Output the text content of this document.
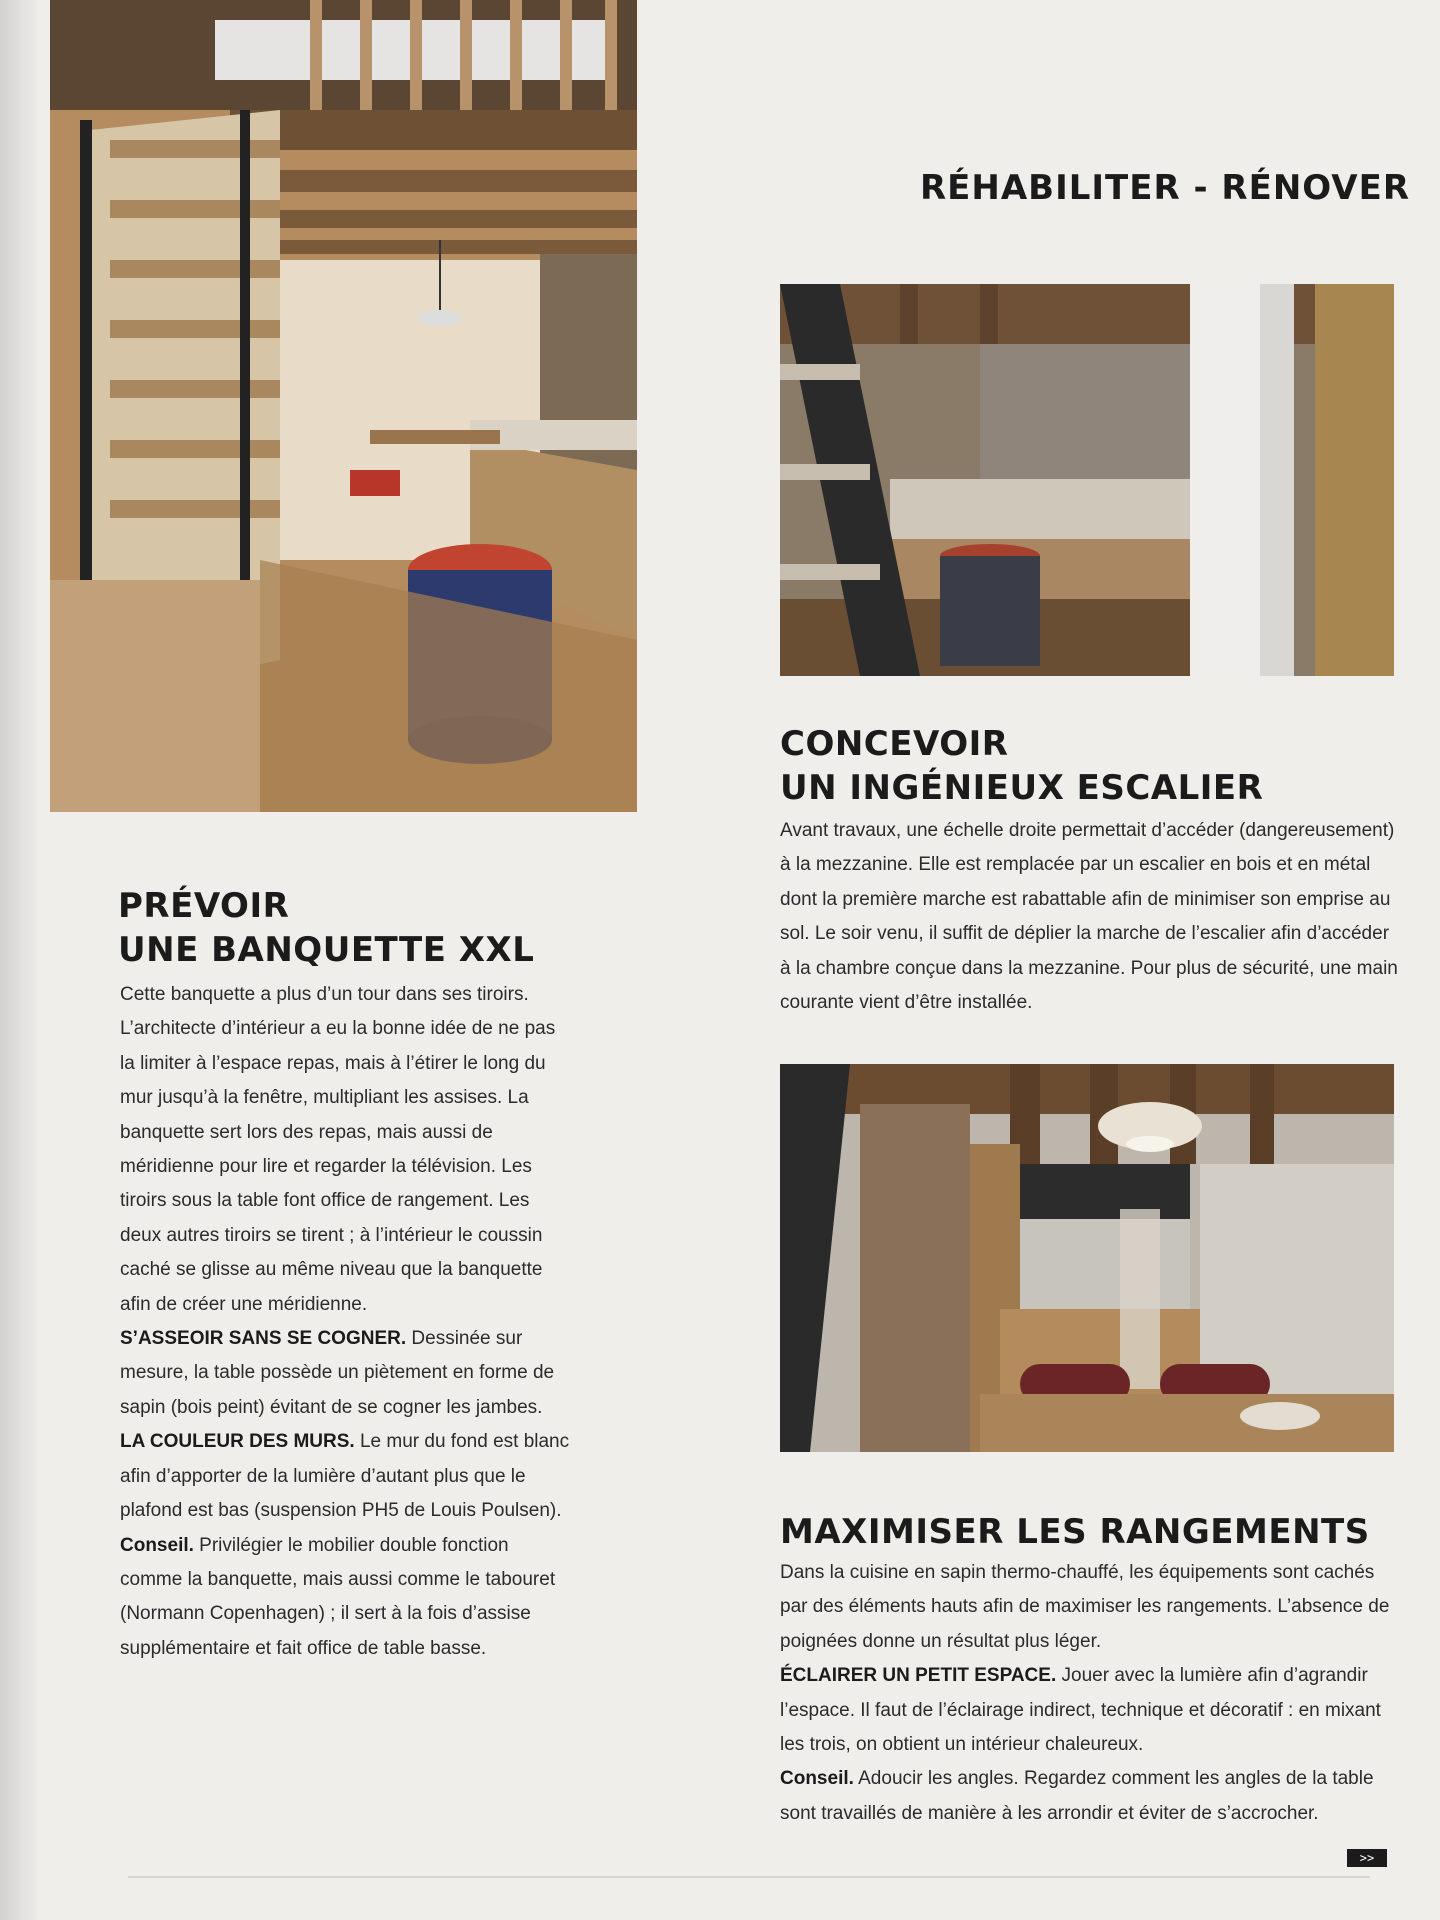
RÉHABILITER - RÉNOVER
CONCEVOIR
UN INGÉNIEUX ESCALIER

Avant travaux, une échelle droite permettait d’accéder (dangereusement) à la mezzanine. Elle est remplacée par un escalier en bois et en métal dont la première marche est rabattable afin de minimiser son emprise au sol. Le soir venu, il suffit de déplier la marche de l’escalier afin d’accéder à la chambre conçue dans la mezzanine. Pour plus de sécurité, une main courante vient d’être installée.

PRÉVOIR
UNE BANQUETTE XXL

Cette banquette a plus d’un tour dans ses tiroirs. L’architecte d’intérieur a eu la bonne idée de ne pas la limiter à l’espace repas, mais à l’étirer le long du mur jusqu’à la fenêtre, multipliant les assises. La banquette sert lors des repas, mais aussi de méridienne pour lire et regarder la télévision. Les tiroirs sous la table font office de rangement. Les deux autres tiroirs se tirent ; à l’intérieur le coussin caché se glisse au même niveau que la banquette afin de créer une méridienne.

S’ASSEOIR SANS SE COGNER. Dessinée sur mesure, la table possède un piètement en forme de sapin (bois peint) évitant de se cogner les jambes.

LA COULEUR DES MURS. Le mur du fond est blanc afin d’apporter de la lumière d’autant plus que le plafond est bas (suspension PH5 de Louis Poulsen).

Conseil. Privilégier le mobilier double fonction comme la banquette, mais aussi comme le tabouret (Normann Copenhagen) ; il sert à la fois d’assise supplémentaire et fait office de table basse.

MAXIMISER LES RANGEMENTS

Dans la cuisine en sapin thermo-chauffé, les équipements sont cachés par des éléments hauts afin de maximiser les rangements. L’absence de poignées donne un résultat plus léger.

ÉCLAIRER UN PETIT ESPACE. Jouer avec la lumière afin d’agrandir l’espace. Il faut de l’éclairage indirect, technique et décoratif : en mixant les trois, on obtient un intérieur chaleureux.

Conseil. Adoucir les angles. Regardez comment les angles de la table sont travaillés de manière à les arrondir et éviter de s’accrocher.

>>
